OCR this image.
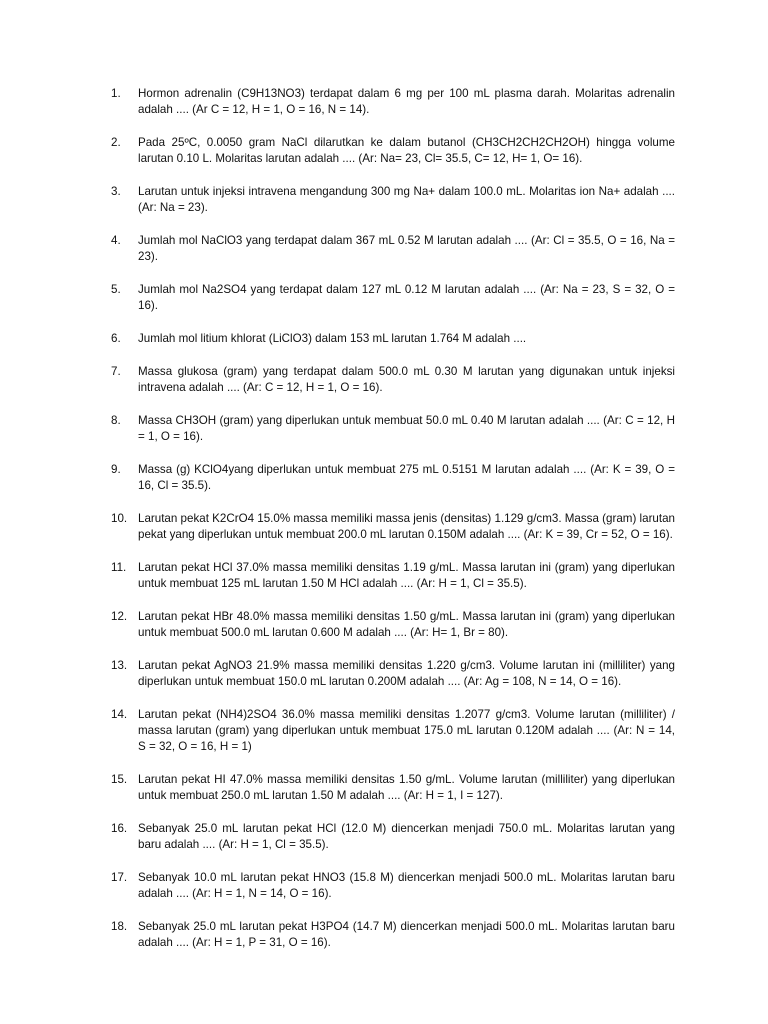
1.	Hormon adrenalin (C9H13NO3) terdapat dalam 6 mg per 100 mL plasma darah. Molaritas adrenalin adalah .... (Ar C = 12, H = 1, O = 16, N = 14).
2.	Pada 25ºC, 0.0050 gram NaCl dilarutkan ke dalam butanol (CH3CH2CH2CH2OH) hingga volume larutan 0.10 L. Molaritas larutan adalah .... (Ar: Na= 23, Cl= 35.5, C= 12, H= 1, O= 16).
3.	Larutan untuk injeksi intravena mengandung 300 mg Na+ dalam 100.0 mL. Molaritas ion Na+ adalah .... (Ar: Na = 23).
4.	Jumlah mol NaClO3 yang terdapat dalam 367 mL 0.52 M larutan adalah .... (Ar: Cl = 35.5, O = 16, Na = 23).
5.	Jumlah mol Na2SO4 yang terdapat dalam 127 mL 0.12 M larutan adalah .... (Ar: Na = 23, S = 32, O = 16).
6.	Jumlah mol litium khlorat (LiClO3) dalam 153 mL larutan 1.764 M adalah ....
7.	Massa glukosa (gram) yang terdapat dalam 500.0 mL 0.30 M larutan yang digunakan untuk injeksi intravena adalah .... (Ar: C = 12, H = 1, O = 16).
8.	Massa CH3OH (gram) yang diperlukan untuk membuat 50.0 mL 0.40 M larutan adalah .... (Ar: C = 12, H = 1, O = 16).
9.	Massa (g) KClO4yang diperlukan untuk membuat 275 mL 0.5151 M larutan adalah .... (Ar: K = 39, O = 16, Cl = 35.5).
10. Larutan pekat K2CrO4 15.0% massa memiliki massa jenis (densitas) 1.129 g/cm3. Massa (gram) larutan pekat yang diperlukan untuk membuat 200.0 mL larutan 0.150M adalah .... (Ar: K = 39, Cr = 52, O = 16).
11.	Larutan pekat HCl 37.0% massa memiliki densitas 1.19 g/mL. Massa larutan ini (gram) yang diperlukan untuk membuat 125 mL larutan 1.50 M HCl adalah .... (Ar: H = 1, Cl = 35.5).
12. Larutan pekat HBr 48.0% massa memiliki densitas 1.50 g/mL. Massa larutan ini (gram) yang diperlukan untuk membuat 500.0 mL larutan 0.600 M adalah .... (Ar: H= 1, Br = 80).
13. Larutan pekat AgNO3 21.9% massa memiliki densitas 1.220 g/cm3. Volume larutan ini (milliliter) yang diperlukan untuk membuat 150.0 mL larutan 0.200M adalah .... (Ar: Ag = 108, N = 14, O = 16).
14. Larutan pekat (NH4)2SO4 36.0% massa memiliki densitas 1.2077 g/cm3. Volume larutan (milliliter) / massa larutan (gram) yang diperlukan untuk membuat 175.0 mL larutan 0.120M adalah .... (Ar: N = 14, S = 32, O = 16, H = 1)
15. Larutan pekat HI 47.0% massa memiliki densitas 1.50 g/mL. Volume larutan (milliliter) yang diperlukan untuk membuat 250.0 mL larutan 1.50 M adalah .... (Ar: H = 1, I = 127).
16. Sebanyak 25.0 mL larutan pekat HCl (12.0 M) diencerkan menjadi 750.0 mL. Molaritas larutan yang baru adalah .... (Ar: H = 1, Cl = 35.5).
17. Sebanyak 10.0 mL larutan pekat HNO3 (15.8 M) diencerkan menjadi 500.0 mL. Molaritas larutan baru adalah .... (Ar: H = 1, N = 14, O = 16).
18. Sebanyak 25.0 mL larutan pekat H3PO4 (14.7 M) diencerkan menjadi 500.0 mL. Molaritas larutan baru adalah .... (Ar: H = 1, P = 31, O = 16).
